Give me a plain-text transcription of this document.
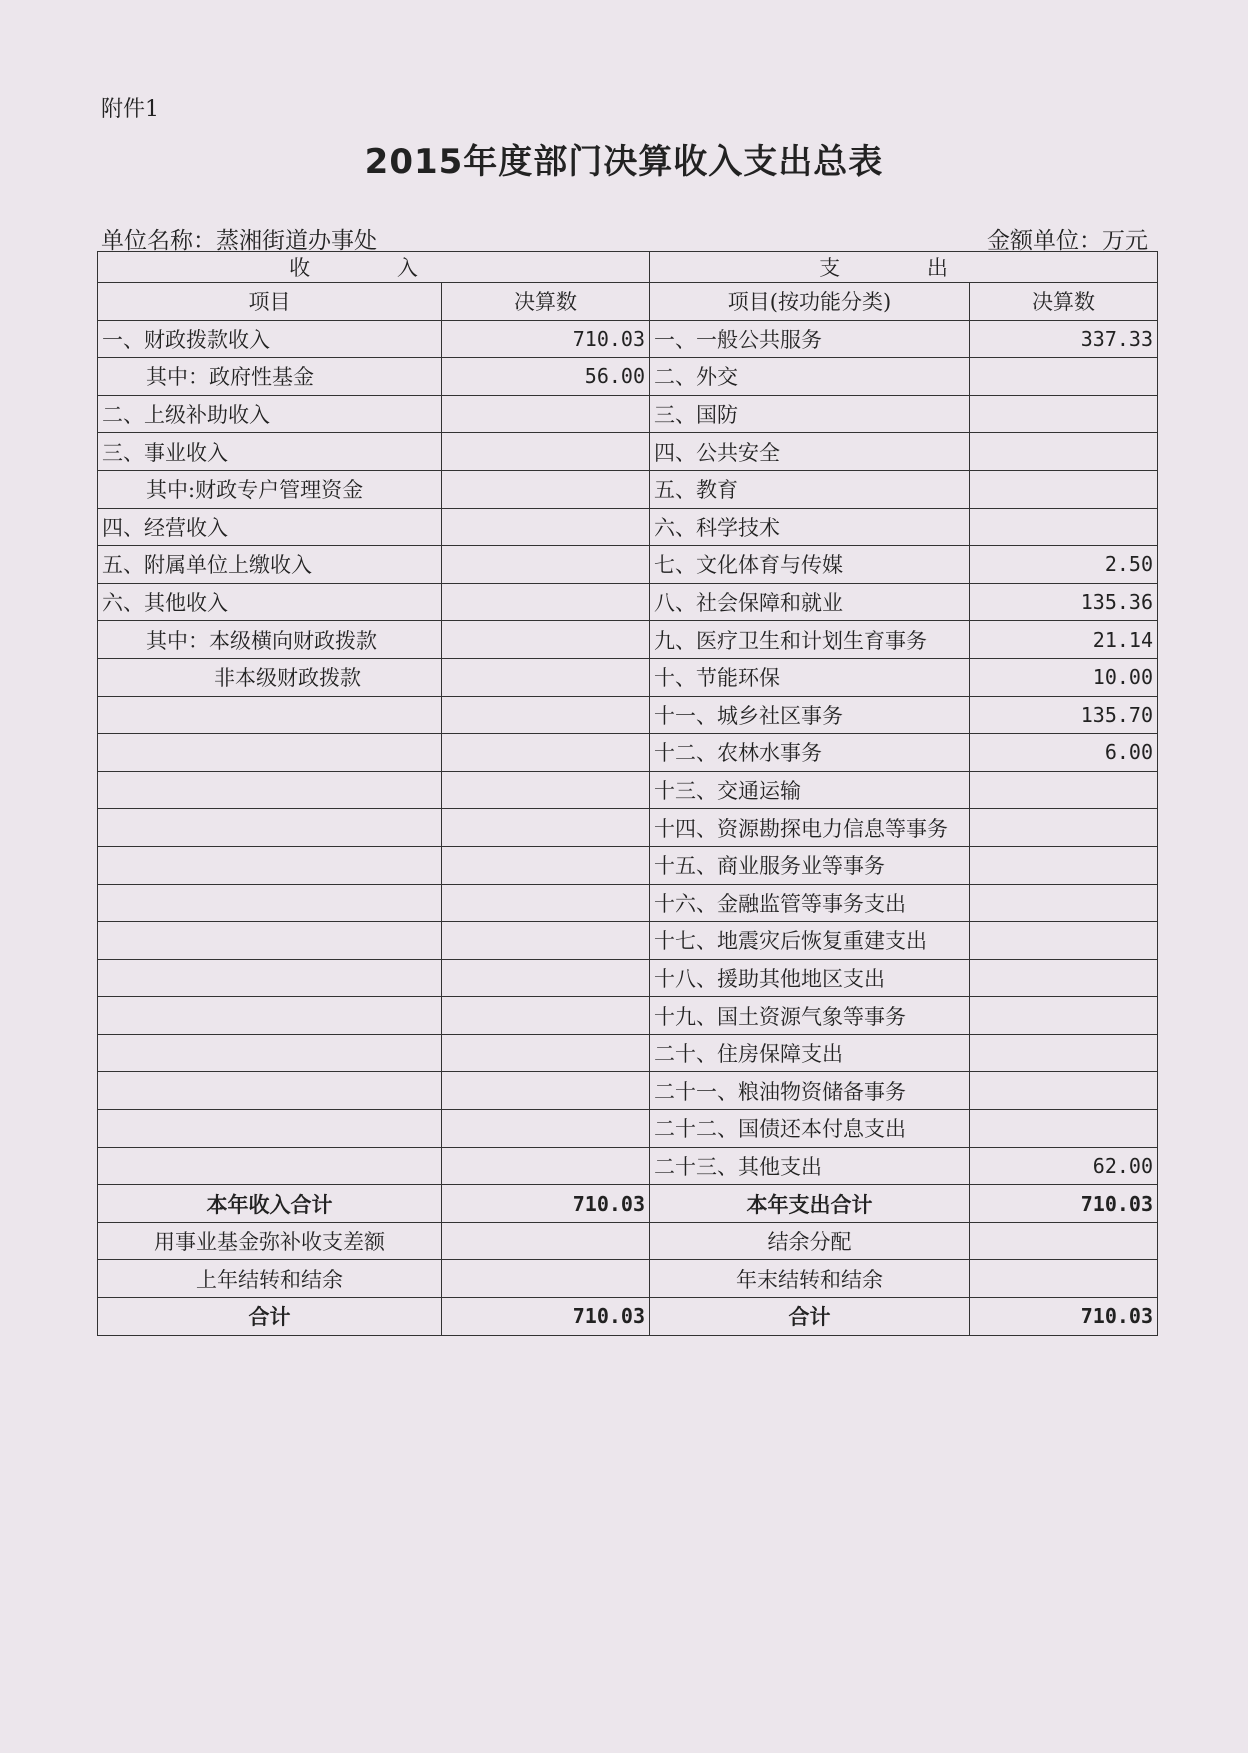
附件1
2015年度部门决算收入支出总表
单位名称：蒸湘街道办事处	金额单位：万元
收 入		支 出	
项目	决算数	项目(按功能分类)	决算数
一、财政拨款收入	710.03	一、一般公共服务	337.33
其中：政府性基金	56.00	二、外交	
二、上级补助收入		三、国防	
三、事业收入		四、公共安全	
其中:财政专户管理资金		五、教育	
四、经营收入		六、科学技术	
五、附属单位上缴收入		七、文化体育与传媒	2.50
六、其他收入		八、社会保障和就业	135.36
其中：本级横向财政拨款		九、医疗卫生和计划生育事务	21.14
非本级财政拨款		十、节能环保	10.00
		十一、城乡社区事务	135.70
		十二、农林水事务	6.00
		十三、交通运输	
		十四、资源勘探电力信息等事务	
		十五、商业服务业等事务	
		十六、金融监管等事务支出	
		十七、地震灾后恢复重建支出	
		十八、援助其他地区支出	
		十九、国土资源气象等事务	
		二十、住房保障支出	
		二十一、粮油物资储备事务	
		二十二、国债还本付息支出	
		二十三、其他支出	62.00
本年收入合计	710.03	本年支出合计	710.03
用事业基金弥补收支差额		结余分配	
上年结转和结余		年末结转和结余	
合计	710.03	合计	710.03
